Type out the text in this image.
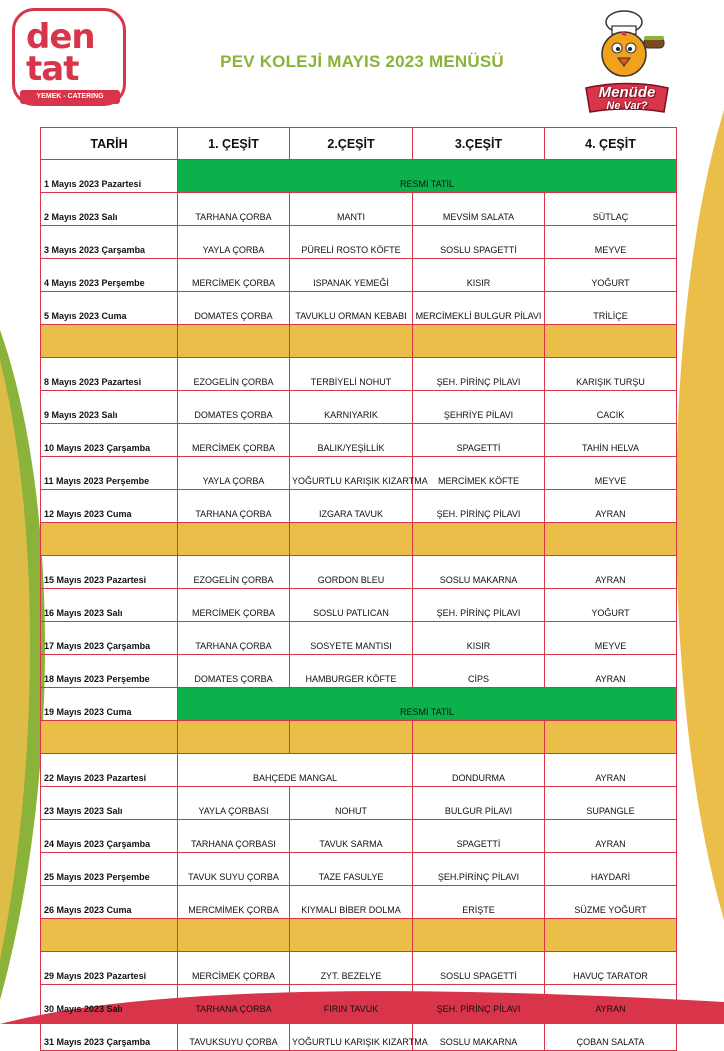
den
tat
YEMEK - CATERING
PEV KOLEJİ MAYIS 2023 MENÜSÜ
Menüde
Ne Var?
TARİH	1. ÇEŞİT	2.ÇEŞİT	3.ÇEŞİT	4. ÇEŞİT
1 Mayıs 2023 Pazartesi	RESMİ TATİL			
2 Mayıs 2023 Salı	TARHANA ÇORBA	MANTI	MEVSİM SALATA	SÜTLAÇ
3 Mayıs 2023 Çarşamba	YAYLA ÇORBA	PÜRELİ ROSTO KÖFTE	SOSLU SPAGETTİ	MEYVE
4 Mayıs 2023 Perşembe	MERCİMEK ÇORBA	ISPANAK YEMEĞİ	KISIR	YOĞURT
5 Mayıs 2023 Cuma	DOMATES ÇORBA	TAVUKLU ORMAN KEBABI	MERCİMEKLİ BULGUR PİLAVI	TRİLİÇE

8 Mayıs 2023 Pazartesi	EZOGELİN ÇORBA	TERBİYELİ NOHUT	ŞEH. PİRİNÇ PİLAVI	KARIŞIK TURŞU
9 Mayıs 2023 Salı	DOMATES ÇORBA	KARNIYARIK	ŞEHRİYE PİLAVI	CACIK
10 Mayıs 2023 Çarşamba	MERCİMEK ÇORBA	BALIK/YEŞİLLİK	SPAGETTİ	TAHİN HELVA
11 Mayıs 2023 Perşembe	YAYLA ÇORBA	YOĞURTLU KARIŞIK KIZARTMA	MERCİMEK KÖFTE	MEYVE
12 Mayıs 2023 Cuma	TARHANA ÇORBA	IZGARA TAVUK	ŞEH. PİRİNÇ PİLAVI	AYRAN

15 Mayıs 2023 Pazartesi	EZOGELİN ÇORBA	GORDON BLEU	SOSLU MAKARNA	AYRAN
16 Mayıs 2023 Salı	MERCİMEK ÇORBA	SOSLU PATLICAN	ŞEH. PİRİNÇ PİLAVI	YOĞURT
17 Mayıs 2023 Çarşamba	TARHANA ÇORBA	SOSYETE MANTISI	KISIR	MEYVE
18 Mayıs 2023 Perşembe	DOMATES ÇORBA	HAMBURGER KÖFTE	CİPS	AYRAN
19 Mayıs 2023 Cuma	RESMİ TATİL			

22 Mayıs 2023 Pazartesi	BAHÇEDE MANGAL		DONDURMA	AYRAN
23 Mayıs 2023 Salı	YAYLA ÇORBASI	NOHUT	BULGUR PİLAVI	SUPANGLE
24 Mayıs 2023 Çarşamba	TARHANA ÇORBASI	TAVUK SARMA	SPAGETTİ	AYRAN
25 Mayıs 2023 Perşembe	TAVUK SUYU ÇORBA	TAZE FASULYE	ŞEH.PİRİNÇ PİLAVI	HAYDARİ
26 Mayıs 2023 Cuma	MERCMİMEK ÇORBA	KIYMALI BİBER DOLMA	ERİŞTE	SÜZME YOĞURT

29 Mayıs 2023 Pazartesi	MERCİMEK ÇORBA	ZYT. BEZELYE	SOSLU SPAGETTİ	HAVUÇ TARATOR
30 Mayıs 2023 Salı	TARHANA ÇORBA	FIRIN TAVUK	ŞEH. PİRİNÇ PİLAVI	AYRAN
31 Mayıs 2023 Çarşamba	TAVUKSUYU ÇORBA	YOĞURTLU KARIŞIK KIZARTMA	SOSLU MAKARNA	ÇOBAN SALATA
